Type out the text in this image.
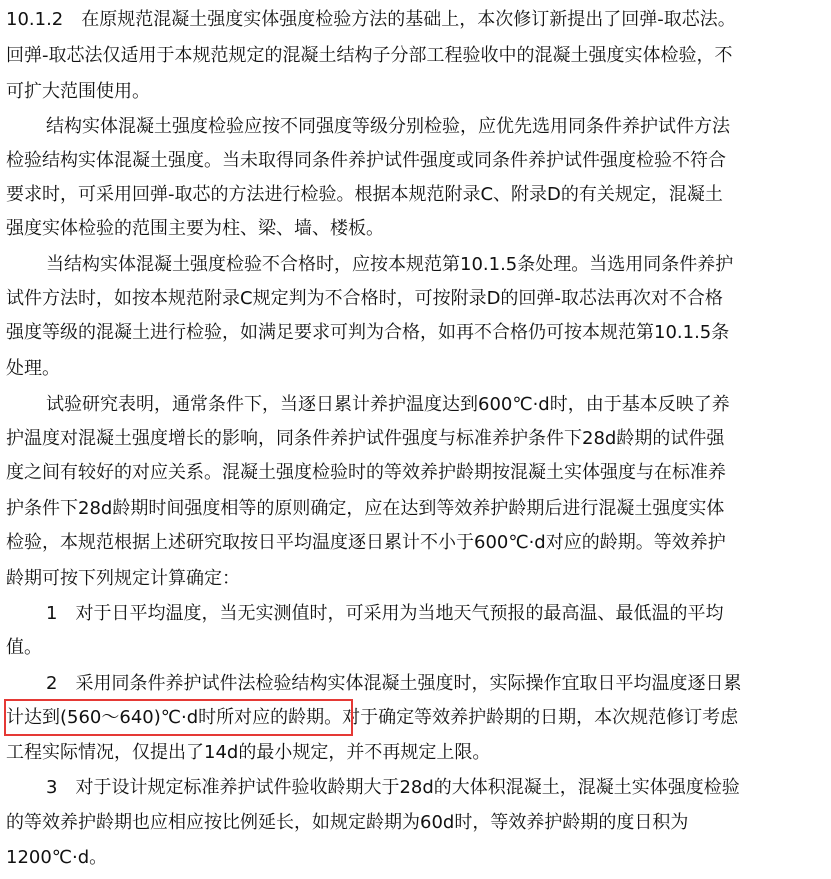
10.1.2　在原规范混凝土强度实体强度检验方法的基础上，本次修订新提出了回弹-取芯法。
回弹-取芯法仅适用于本规范规定的混凝土结构子分部工程验收中的混凝土强度实体检验，不
可扩大范围使用。
结构实体混凝土强度检验应按不同强度等级分别检验，应优先选用同条件养护试件方法
检验结构实体混凝土强度。当未取得同条件养护试件强度或同条件养护试件强度检验不符合
要求时，可采用回弹-取芯的方法进行检验。根据本规范附录C、附录D的有关规定，混凝土
强度实体检验的范围主要为柱、梁、墙、楼板。
当结构实体混凝土强度检验不合格时，应按本规范第10.1.5条处理。当选用同条件养护
试件方法时，如按本规范附录C规定判为不合格时，可按附录D的回弹-取芯法再次对不合格
强度等级的混凝土进行检验，如满足要求可判为合格，如再不合格仍可按本规范第10.1.5条
处理。
试验研究表明，通常条件下，当逐日累计养护温度达到600℃·d时，由于基本反映了养
护温度对混凝土强度增长的影响，同条件养护试件强度与标准养护条件下28d龄期的试件强
度之间有较好的对应关系。混凝土强度检验时的等效养护龄期按混凝土实体强度与在标准养
护条件下28d龄期时间强度相等的原则确定，应在达到等效养护龄期后进行混凝土强度实体
检验，本规范根据上述研究取按日平均温度逐日累计不小于600℃·d对应的龄期。等效养护
龄期可按下列规定计算确定：
1　对于日平均温度，当无实测值时，可采用为当地天气预报的最高温、最低温的平均
值。
2　采用同条件养护试件法检验结构实体混凝土强度时，实际操作宜取日平均温度逐日累
计达到(560～640)℃·d时所对应的龄期。对于确定等效养护龄期的日期，本次规范修订考虑
工程实际情况，仅提出了14d的最小规定，并不再规定上限。
3　对于设计规定标准养护试件验收龄期大于28d的大体积混凝土，混凝土实体强度检验
的等效养护龄期也应相应按比例延长，如规定龄期为60d时，等效养护龄期的度日积为
1200℃·d。
